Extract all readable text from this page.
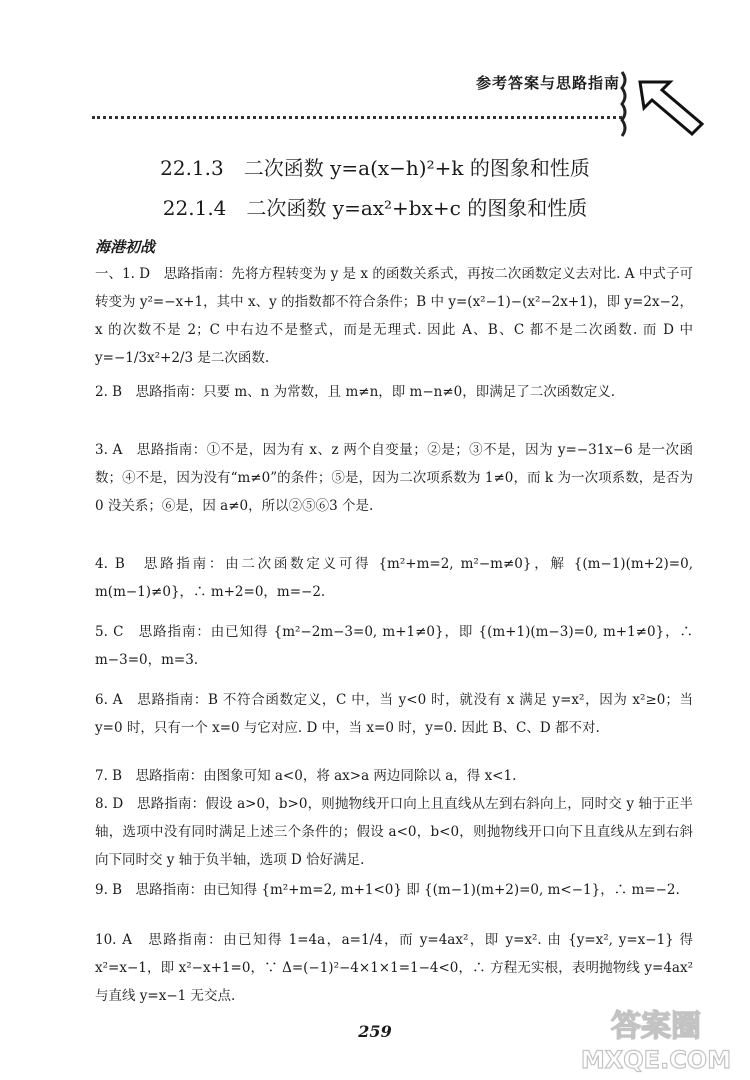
参考答案与思路指南
22.1.3　二次函数 y=a(x−h)²+k 的图象和性质
22.1.4　二次函数 y=ax²+bx+c 的图象和性质
海港初战
一、1. D　思路指南：先将方程转变为 y 是 x 的函数关系式，再按二次函数定义去对比. A 中式子可转变为 y²=−x+1，其中 x、y 的指数都不符合条件；B 中 y=(x²−1)−(x²−2x+1)，即 y=2x−2，x 的次数不是 2；C 中右边不是整式，而是无理式. 因此 A、B、C 都不是二次函数. 而 D 中 y=−1/3x²+2/3 是二次函数.
2. B　思路指南：只要 m、n 为常数，且 m≠n，即 m−n≠0，即满足了二次函数定义.
3. A　思路指南：①不是，因为有 x、z 两个自变量；②是；③不是，因为 y=−31x−6 是一次函数；④不是，因为没有“m≠0”的条件；⑤是，因为二次项系数为 1≠0，而 k 为一次项系数，是否为 0 没关系；⑥是，因 a≠0，所以②⑤⑥3 个是.
4. B　思路指南：由二次函数定义可得 {m²+m=2, m²−m≠0}，解 {(m−1)(m+2)=0, m(m−1)≠0}，∴ m+2=0，m=−2.
5. C　思路指南：由已知得 {m²−2m−3=0, m+1≠0}，即 {(m+1)(m−3)=0, m+1≠0}，∴ m−3=0，m=3.
6. A　思路指南：B 不符合函数定义，C 中，当 y<0 时，就没有 x 满足 y=x²，因为 x²≥0；当 y=0 时，只有一个 x=0 与它对应. D 中，当 x=0 时，y=0. 因此 B、C、D 都不对.
7. B　思路指南：由图象可知 a<0，将 ax>a 两边同除以 a，得 x<1.
8. D　思路指南：假设 a>0，b>0，则抛物线开口向上且直线从左到右斜向上，同时交 y 轴于正半轴，选项中没有同时满足上述三个条件的；假设 a<0，b<0，则抛物线开口向下且直线从左到右斜向下同时交 y 轴于负半轴，选项 D 恰好满足.
9. B　思路指南：由已知得 {m²+m=2, m+1<0} 即 {(m−1)(m+2)=0, m<−1}，∴ m=−2.
10. A　思路指南：由已知得 1=4a，a=1/4，而 y=4ax²，即 y=x². 由 {y=x², y=x−1} 得 x²=x−1，即 x²−x+1=0，∵ Δ=(−1)²−4×1×1=1−4<0，∴ 方程无实根，表明抛物线 y=4ax² 与直线 y=x−1 无交点.
259	答案圈
MXQE.COM
